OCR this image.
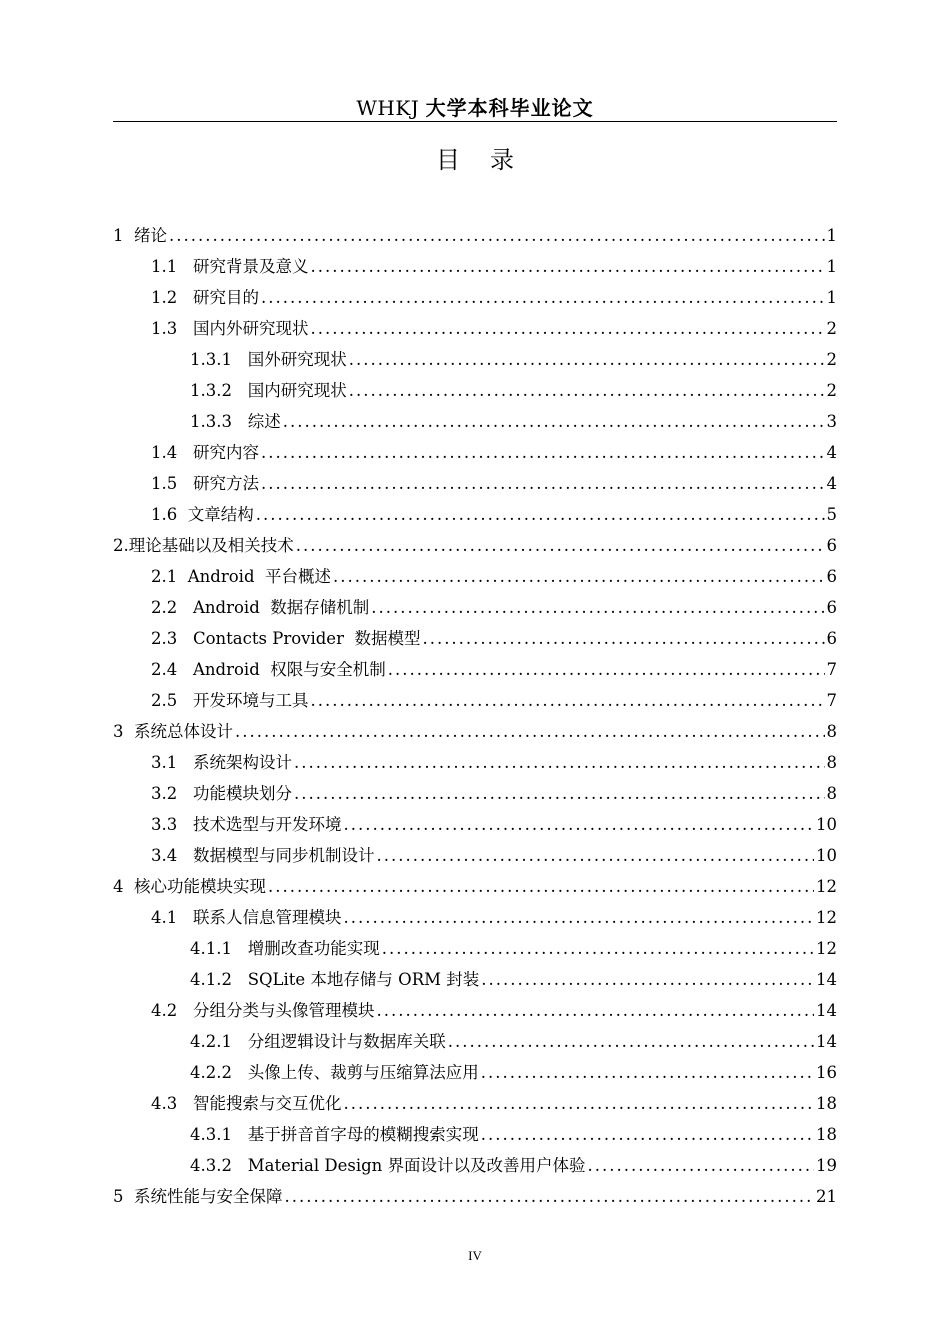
WHKJ 大学本科毕业论文
目 录
1 绪论 .....	1
1.1 研究背景及意义 .....	1
1.2 研究目的 .....	1
1.3 国内外研究现状 .....	2
1.3.1 国外研究现状 .....	2
1.3.2 国内研究现状 .....	2
1.3.3 综述 .....	3
1.4 研究内容 .....	4
1.5 研究方法 .....	4
1.6 文章结构 .....	5
2. 理论基础以及相关技术 .....	6
2.1 Android  平台概述 .....	6
2.2 Android  数据存储机制 .....	6
2.3 Contacts Provider  数据模型 .....	6
2.4 Android  权限与安全机制 .....	7
2.5 开发环境与工具 .....	7
3 系统总体设计 .....	8
3.1 系统架构设计 .....	8
3.2 功能模块划分 .....	8
3.3 技术选型与开发环境 .....	10
3.4 数据模型与同步机制设计 .....	10
4 核心功能模块实现 .....	12
4.1 联系人信息管理模块 .....	12
4.1.1 增删改查功能实现 .....	12
4.1.2 SQLite 本地存储与 ORM 封装 .....	14
4.2 分组分类与头像管理模块 .....	14
4.2.1 分组逻辑设计与数据库关联 .....	14
4.2.2 头像上传、裁剪与压缩算法应用 .....	16
4.3 智能搜索与交互优化 .....	18
4.3.1 基于拼音首字母的模糊搜索实现 .....	18
4.3.2 Material Design 界面设计以及改善用户体验 .....	19
5 系统性能与安全保障 .....	21
IV
